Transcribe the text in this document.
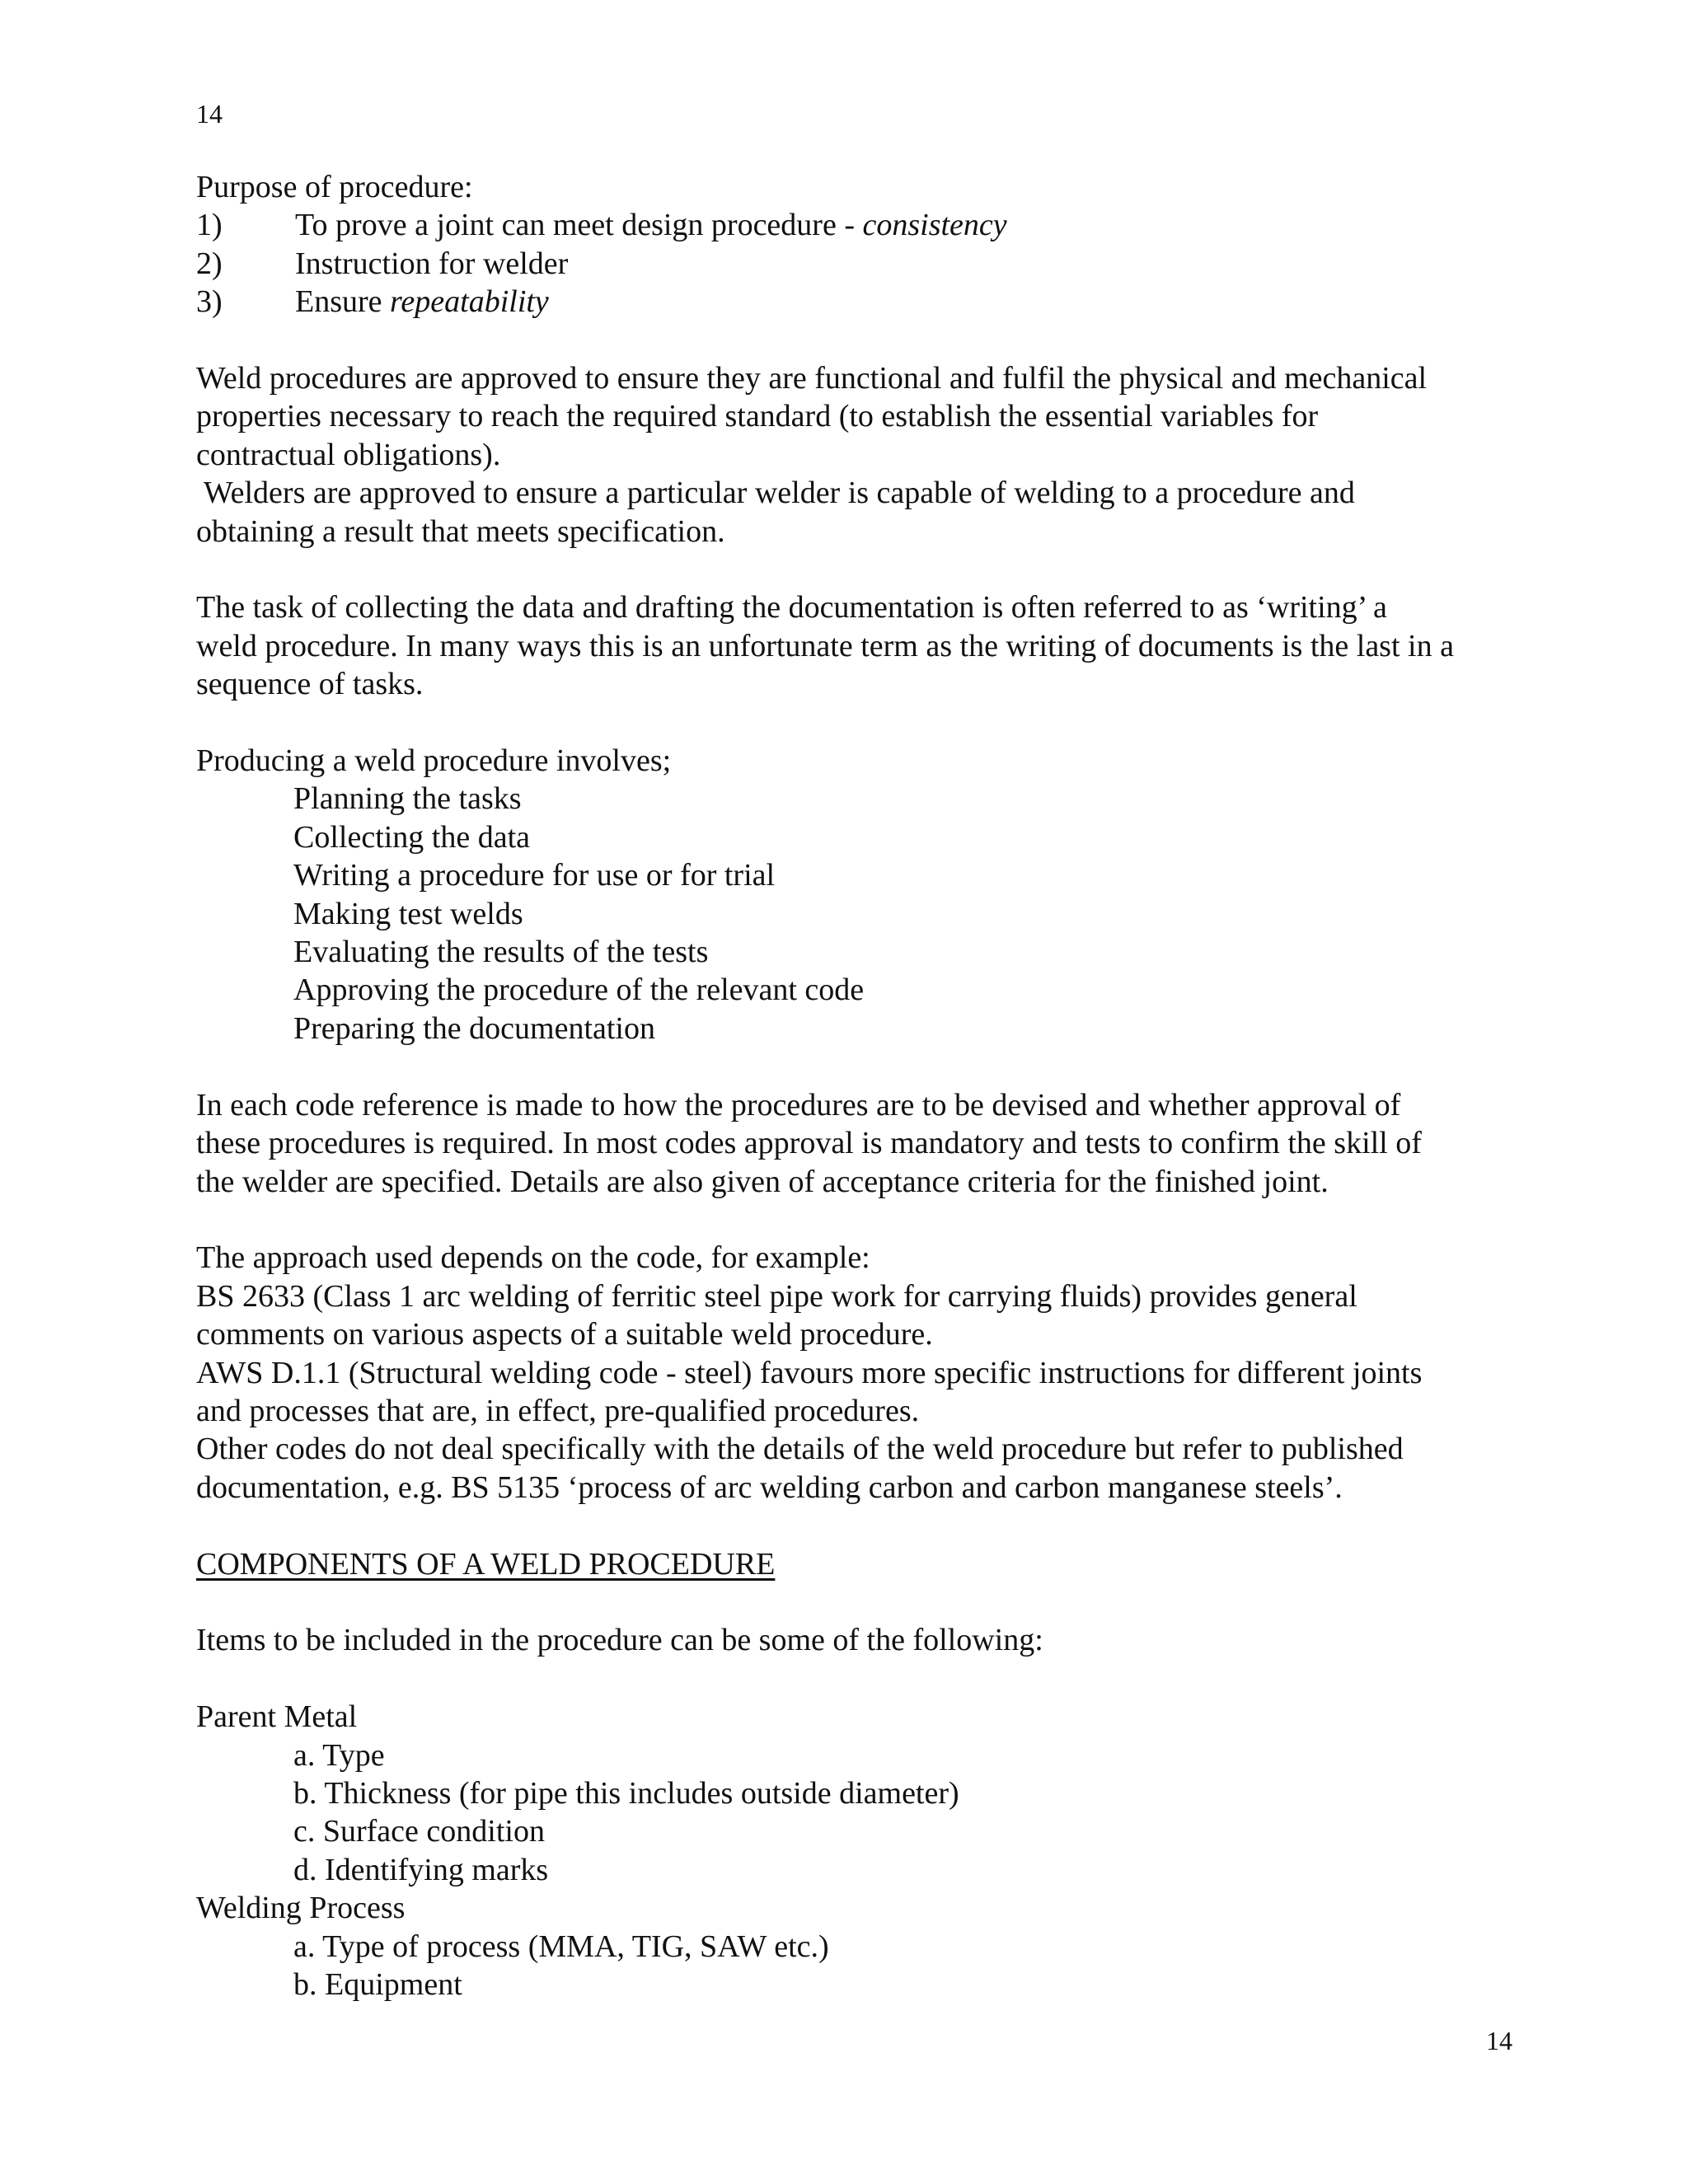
14
Purpose of procedure:
1)	To prove a joint can meet design procedure - consistency
2)	Instruction for welder
3)	Ensure repeatability
Weld procedures are approved to ensure they are functional and fulfil the physical and mechanical
properties necessary to reach the required standard (to establish the essential variables for
contractual obligations).
Welders are approved to ensure a particular welder is capable of welding to a procedure and
obtaining a result that meets specification.
The task of collecting the data and drafting the documentation is often referred to as ‘writing’ a
weld procedure. In many ways this is an unfortunate term as the writing of documents is the last in a
sequence of tasks.
Producing a weld procedure involves;
Planning the tasks
Collecting the data
Writing a procedure for use or for trial
Making test welds
Evaluating the results of the tests
Approving the procedure of the relevant code
Preparing the documentation
In each code reference is made to how the procedures are to be devised and whether approval of
these procedures is required. In most codes approval is mandatory and tests to confirm the skill of
the welder are specified. Details are also given of acceptance criteria for the finished joint.
The approach used depends on the code, for example:
BS 2633 (Class 1 arc welding of ferritic steel pipe work for carrying fluids) provides general
comments on various aspects of a suitable weld procedure.
AWS D.1.1 (Structural welding code - steel) favours more specific instructions for different joints
and processes that are, in effect, pre-qualified procedures.
Other codes do not deal specifically with the details of the weld procedure but refer to published
documentation, e.g. BS 5135 ‘process of arc welding carbon and carbon manganese steels’.
COMPONENTS OF A WELD PROCEDURE
Items to be included in the procedure can be some of the following:
Parent Metal
a. Type
b. Thickness (for pipe this includes outside diameter)
c. Surface condition
d. Identifying marks
Welding Process
a. Type of process (MMA, TIG, SAW etc.)
b. Equipment
14
